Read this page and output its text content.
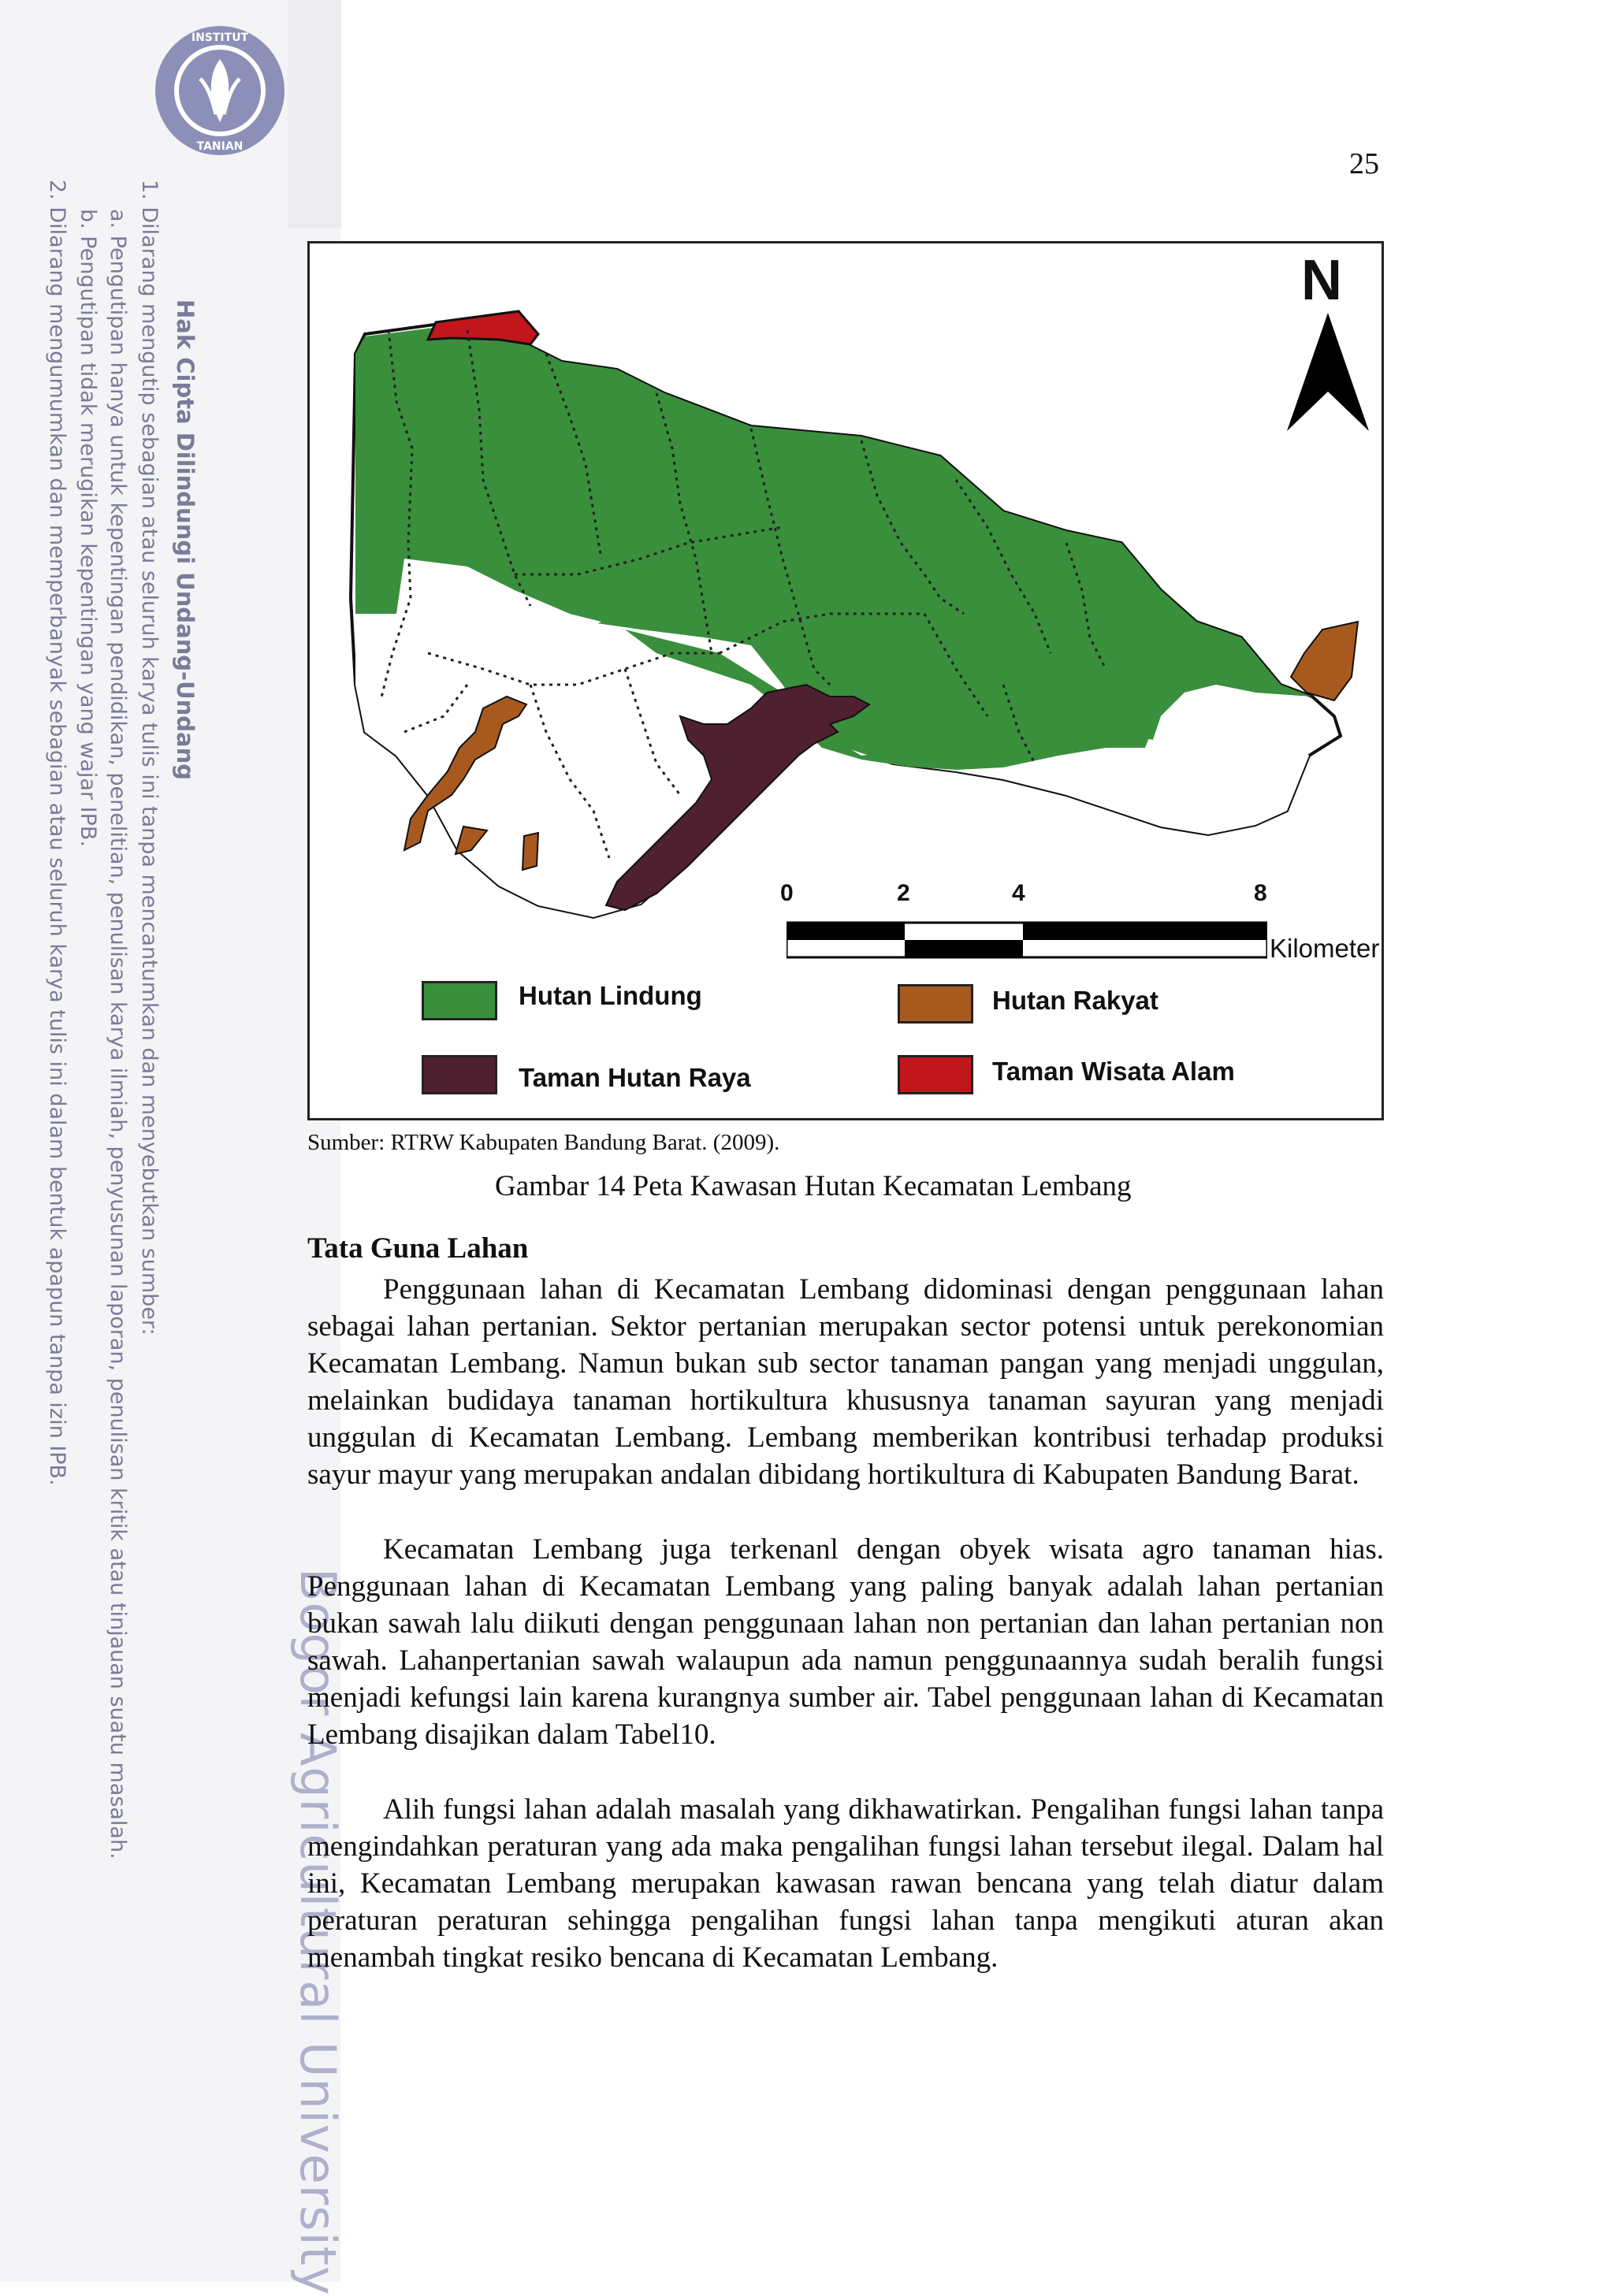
INSTITUT
TANIAN
Hak Cipta Dilindungi Undang-Undang
1. Dilarang mengutip sebagian atau seluruh karya tulis ini tanpa mencantumkan dan menyebutkan sumber:
a. Pengutipan hanya untuk kepentingan pendidikan, penelitian, penulisan karya ilmiah, penyusunan laporan, penulisan kritik atau tinjauan suatu masalah.
b. Pengutipan tidak merugikan kepentingan yang wajar IPB.
2. Dilarang mengumumkan dan memperbanyak sebagian atau seluruh karya tulis ini dalam bentuk apapun tanpa izin IPB.
Bogor Agricultural University
25
N
0	2	4	8
Kilometer
Hutan Lindung	Hutan Rakyat
Taman Hutan Raya	Taman Wisata Alam
Sumber: RTRW Kabupaten Bandung Barat. (2009).
Gambar 14 Peta Kawasan Hutan Kecamatan Lembang
Tata Guna Lahan

Penggunaan lahan di Kecamatan Lembang didominasi dengan penggunaan lahan sebagai lahan pertanian. Sektor pertanian merupakan sector potensi untuk perekonomian Kecamatan Lembang. Namun bukan sub sector tanaman pangan yang menjadi unggulan, melainkan budidaya tanaman hortikultura khususnya tanaman sayuran yang menjadi unggulan di Kecamatan Lembang. Lembang memberikan kontribusi terhadap produksi sayur mayur yang merupakan andalan dibidang hortikultura di Kabupaten Bandung Barat.

Kecamatan Lembang juga terkenanl dengan obyek wisata agro tanaman hias. Penggunaan lahan di Kecamatan Lembang yang paling banyak adalah lahan pertanian bukan sawah lalu diikuti dengan penggunaan lahan non pertanian dan lahan pertanian non sawah. Lahanpertanian sawah walaupun ada namun penggunaannya sudah beralih fungsi menjadi kefungsi lain karena kurangnya sumber air. Tabel penggunaan lahan di Kecamatan Lembang disajikan dalam Tabel10.

Alih fungsi lahan adalah masalah yang dikhawatirkan. Pengalihan fungsi lahan tanpa mengindahkan peraturan yang ada maka pengalihan fungsi lahan tersebut ilegal. Dalam hal ini, Kecamatan Lembang merupakan kawasan rawan bencana yang telah diatur dalam peraturan peraturan sehingga pengalihan fungsi lahan tanpa mengikuti aturan akan menambah tingkat resiko bencana di Kecamatan Lembang.
